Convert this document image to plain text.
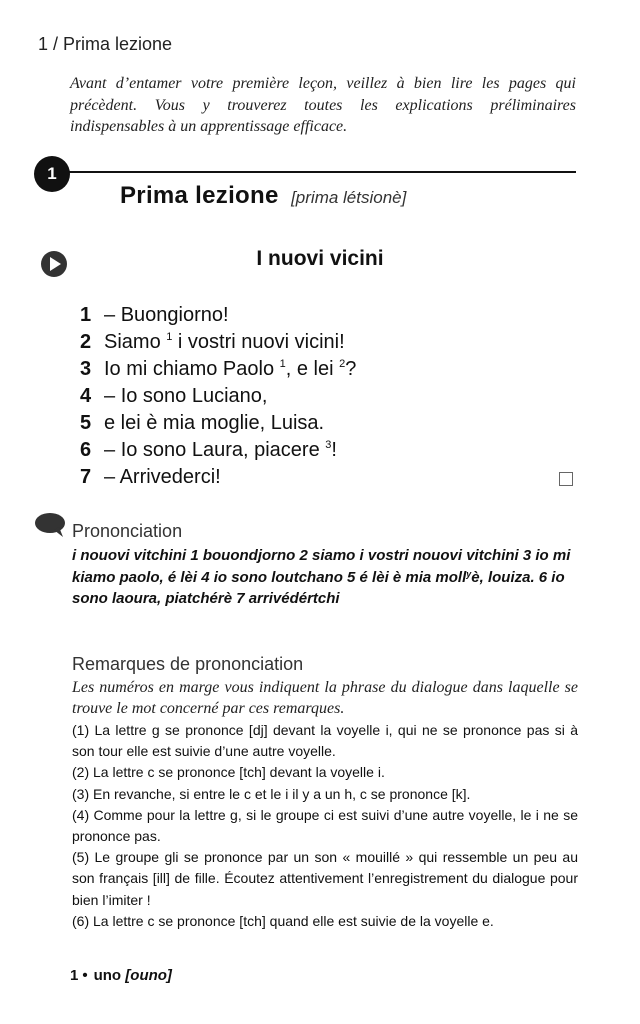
1 / Prima lezione
Avant d’entamer votre première leçon, veillez à bien lire les pages qui précèdent. Vous y trouverez toutes les explications préliminaires indispensables à un apprentissage efficace.
1
Prima lezione [prima létsionè]
I nuovi vicini
1 – Buongiorno!
2 Siamo $^1$ i vostri nuovi vicini!
3 Io mi chiamo Paolo $^1$, e lei $^2$?
4 – Io sono Luciano,
5 e lei è mia moglie, Luisa.
6 – Io sono Laura, piacere $^3$!
7 – Arrivederci!
Prononciation
i nouovi vitchini 1 bouondjorno 2 siamo i vostri nouovi vitchini 3 io mi kiamo paolo, é lèi 4 io sono loutchano 5 é lèi è mia moll$^y$è, louiza. 6 io sono laoura, piatchérè 7 arrivédértchi
Remarques de prononciation
Les numéros en marge vous indiquent la phrase du dialogue dans laquelle se trouve le mot concerné par ces remarques.

(1) La lettre g se prononce [dj] devant la voyelle i, qui ne se prononce pas si à son tour elle est suivie d’une autre voyelle.

(2) La lettre c se prononce [tch] devant la voyelle i.

(3) En revanche, si entre le c et le i il y a un h, c se prononce [k].

(4) Comme pour la lettre g, si le groupe ci est suivi d’une autre voyelle, le i ne se prononce pas.

(5) Le groupe gli se prononce par un son « mouillé » qui ressemble un peu au son français [ill] de fille. Écoutez attentivement l’enregistrement du dialogue pour bien l’imiter !

(6) La lettre c se prononce [tch] quand elle est suivie de la voyelle e.

1 • uno [ouno]
